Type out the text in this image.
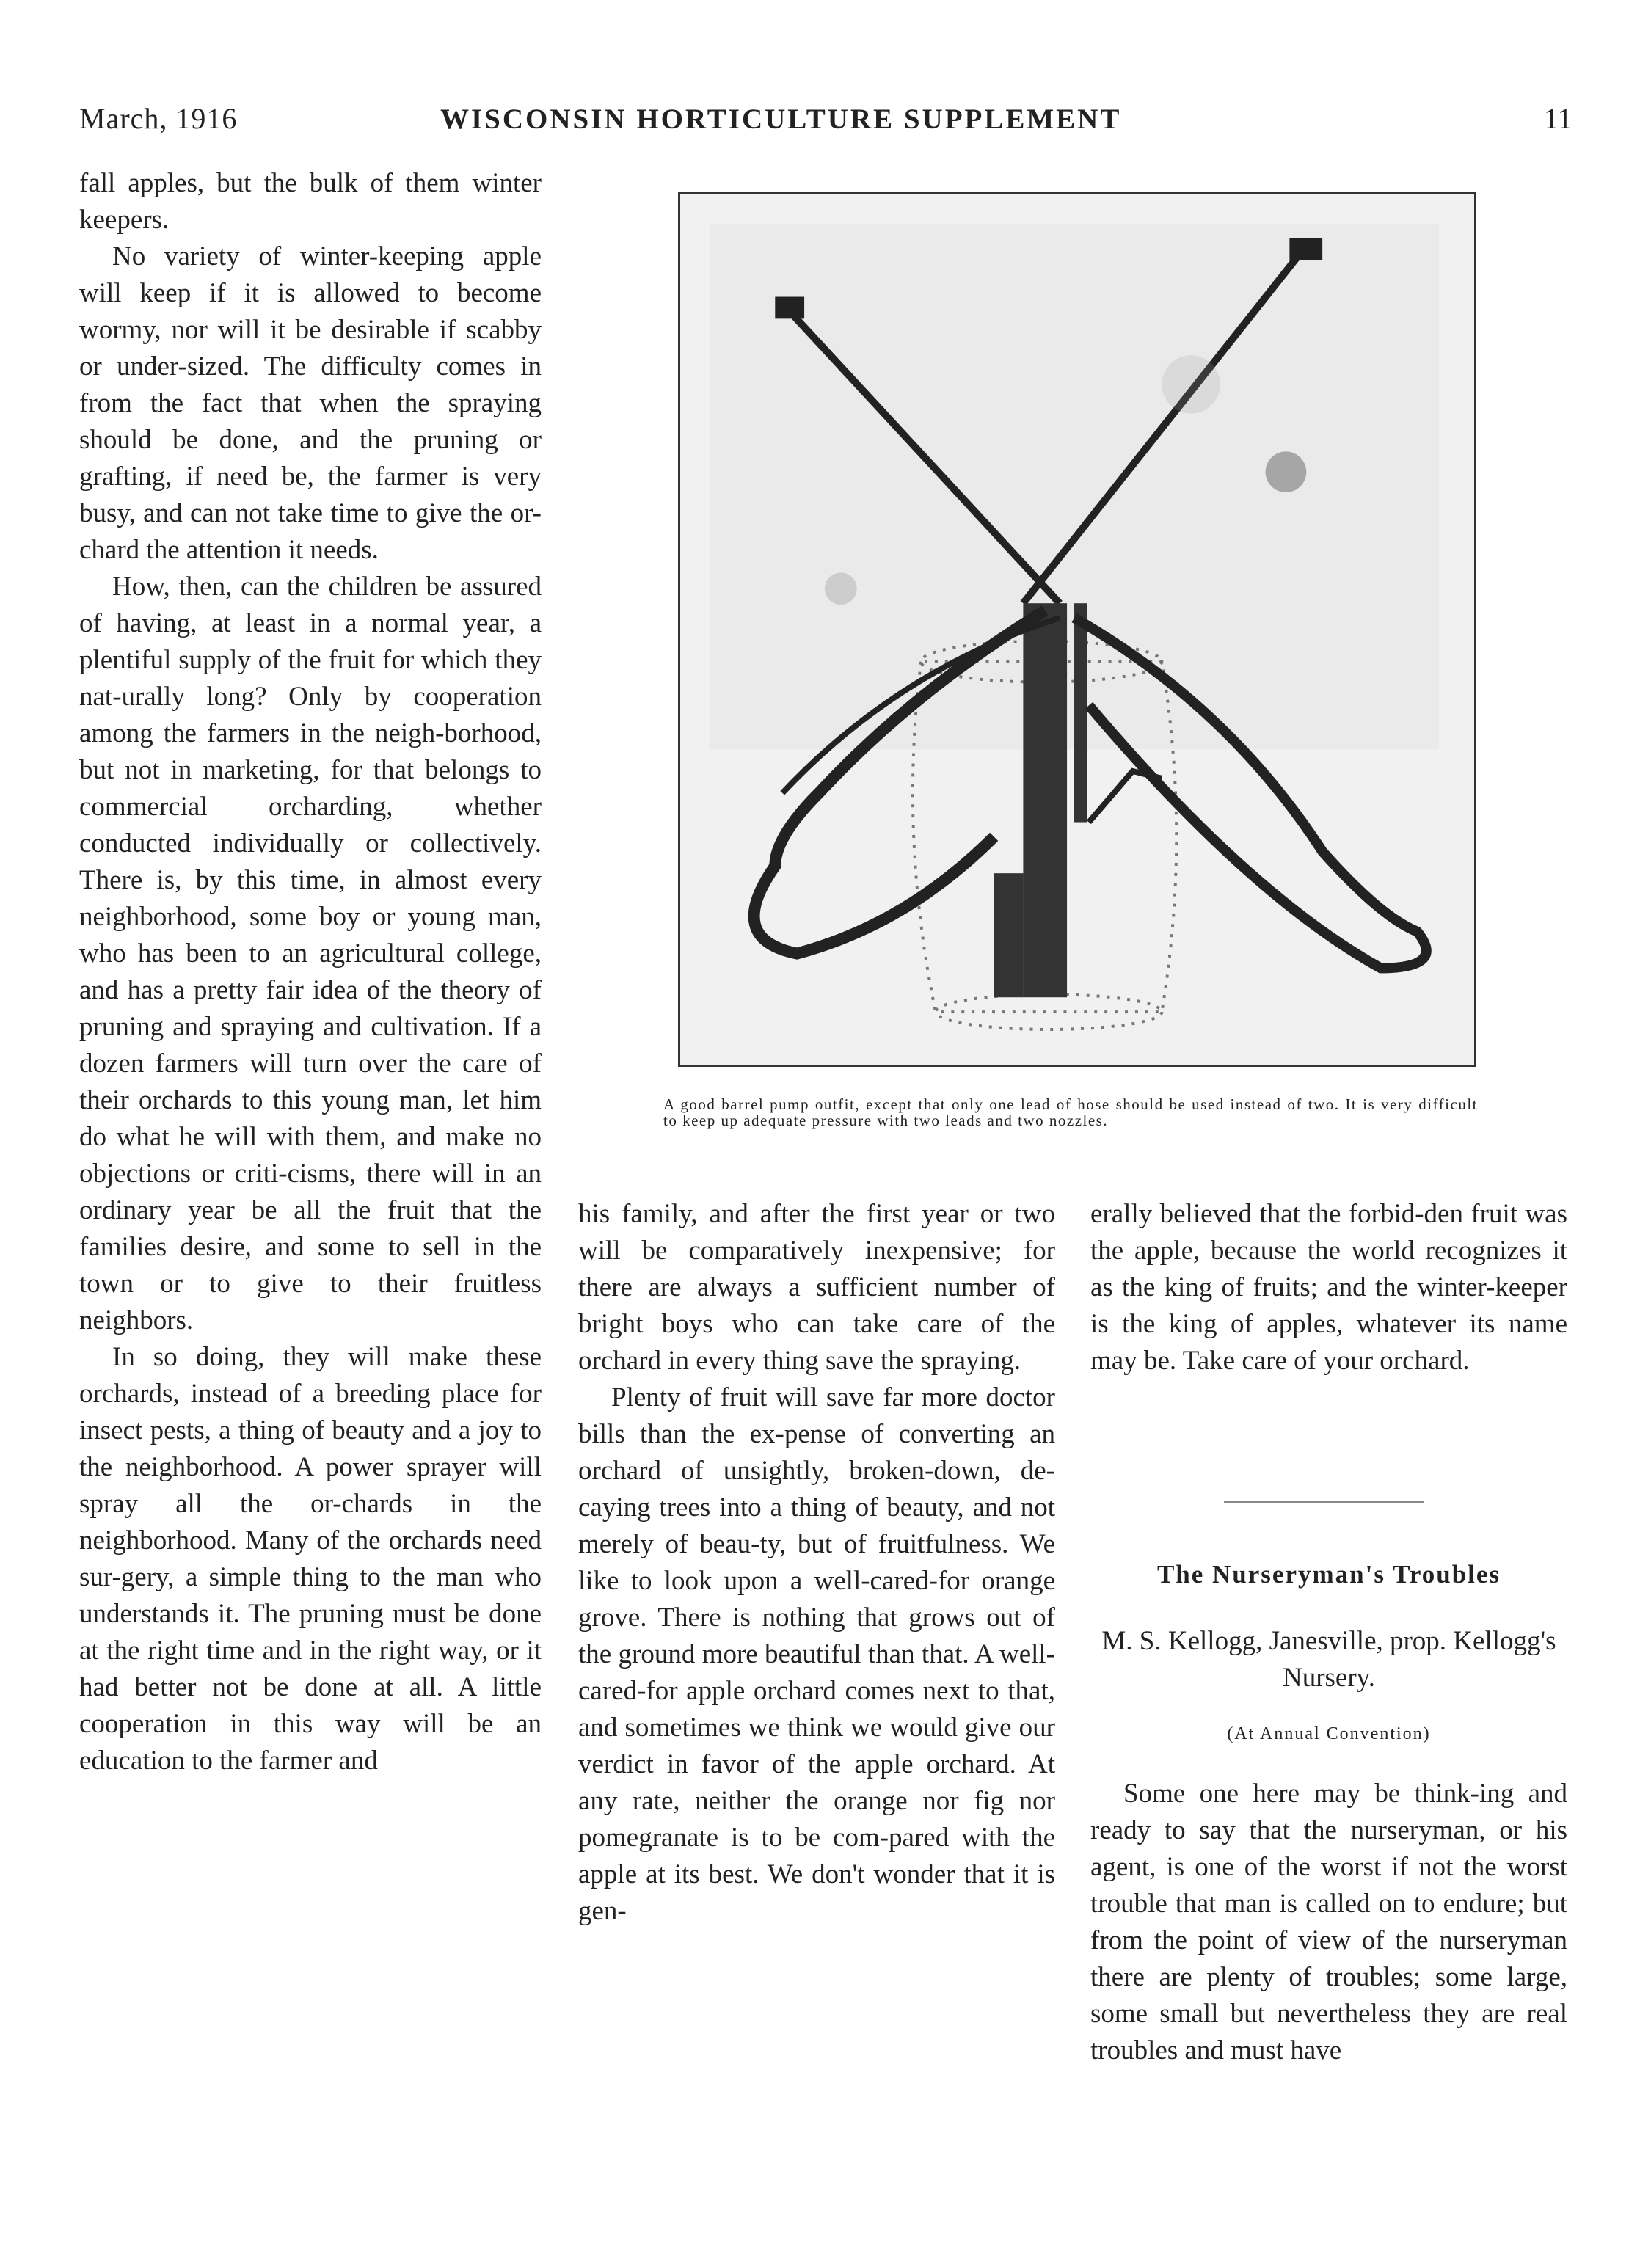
March, 1916	WISCONSIN HORTICULTURE SUPPLEMENT	11

fall apples, but the bulk of them winter keepers.

No variety of winter-keeping apple will keep if it is allowed to become wormy, nor will it be desirable if scabby or under-sized. The difficulty comes in from the fact that when the spraying should be done, and the pruning or grafting, if need be, the farmer is very busy, and can not take time to give the or-chard the attention it needs.

How, then, can the children be assured of having, at least in a normal year, a plentiful supply of the fruit for which they nat-urally long? Only by cooperation among the farmers in the neigh-borhood, but not in marketing, for that belongs to commercial orcharding, whether conducted individually or collectively. There is, by this time, in almost every neighborhood, some boy or young man, who has been to an agricultural college, and has a pretty fair idea of the theory of pruning and spraying and cultivation. If a dozen farmers will turn over the care of their orchards to this young man, let him do what he will with them, and make no objections or criti-cisms, there will in an ordinary year be all the fruit that the families desire, and some to sell in the town or to give to their fruitless neighbors.

In so doing, they will make these orchards, instead of a breeding place for insect pests, a thing of beauty and a joy to the neighborhood. A power sprayer will spray all the or-chards in the neighborhood. Many of the orchards need sur-gery, a simple thing to the man who understands it. The pruning must be done at the right time and in the right way, or it had better not be done at all. A little cooperation in this way will be an education to the farmer and

A good barrel pump outfit, except that only one lead of hose should be used instead of two. It is very difficult to keep up adequate pressure with two leads and two nozzles.

his family, and after the first year or two will be comparatively inexpensive; for there are always a sufficient number of bright boys who can take care of the orchard in every thing save the spraying.

Plenty of fruit will save far more doctor bills than the ex-pense of converting an orchard of unsightly, broken-down, de-caying trees into a thing of beauty, and not merely of beau-ty, but of fruitfulness. We like to look upon a well-cared-for orange grove. There is nothing that grows out of the ground more beautiful than that. A well-cared-for apple orchard comes next to that, and sometimes we think we would give our verdict in favor of the apple orchard. At any rate, neither the orange nor fig nor pomegranate is to be com-pared with the apple at its best. We don't wonder that it is gen-

erally believed that the forbid-den fruit was the apple, because the world recognizes it as the king of fruits; and the winter-keeper is the king of apples, whatever its name may be. Take care of your orchard.

The Nurseryman's Troubles
M. S. Kellogg, Janesville, prop. Kellogg's Nursery.
(At Annual Convention)

Some one here may be think-ing and ready to say that the nurseryman, or his agent, is one of the worst if not the worst trouble that man is called on to endure; but from the point of view of the nurseryman there are plenty of troubles; some large, some small but nevertheless they are real troubles and must have
